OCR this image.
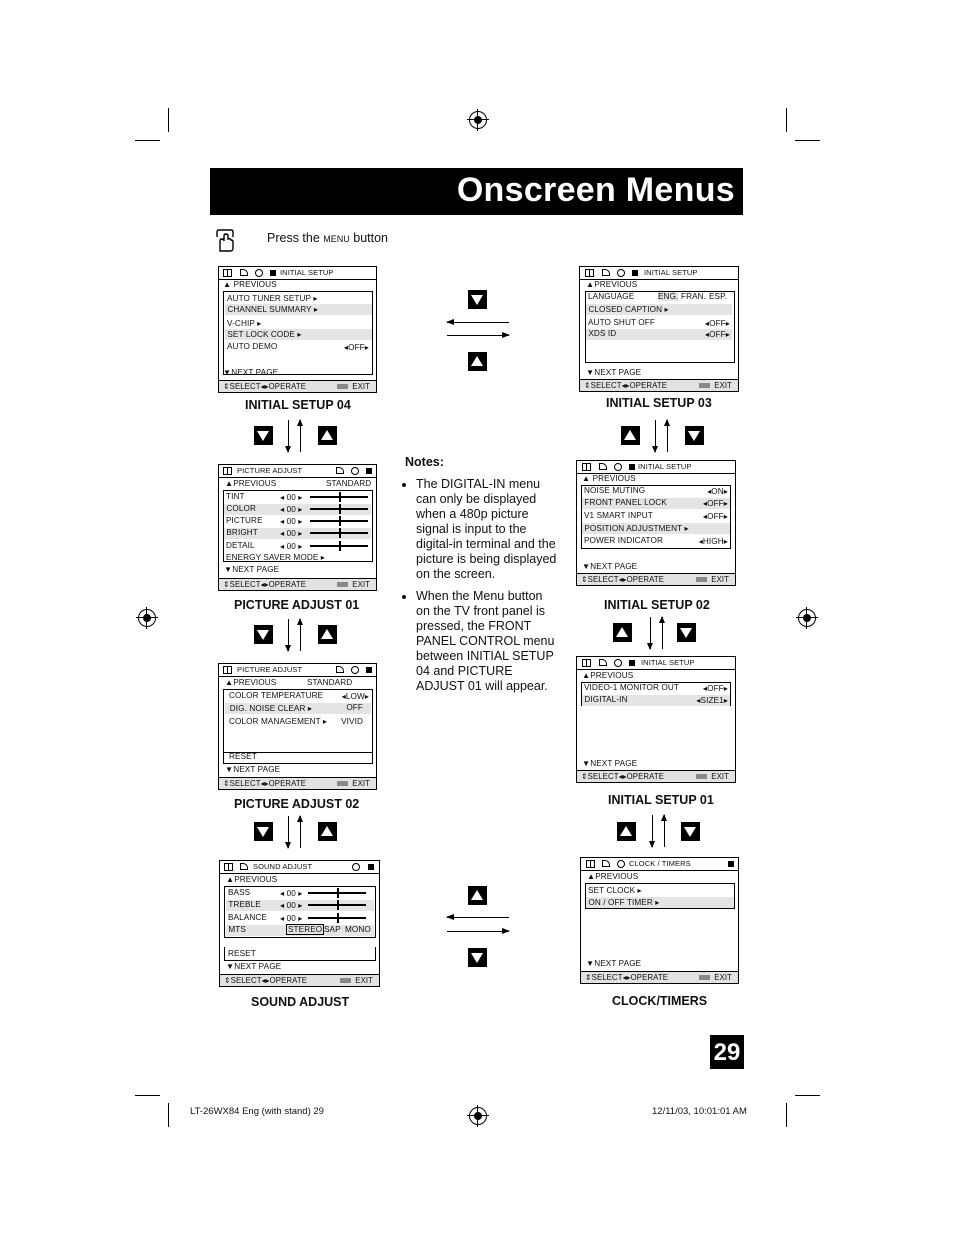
Onscreen Menus
Press the menu button
INITIAL SETUP
▲ PREVIOUS
AUTO TUNER SETUP ▸
CHANNEL SUMMARY ▸
V-CHIP ▸
SET LOCK CODE ▸
AUTO DEMO	◂OFF▸
▼NEXT PAGE
⇕SELECT◂▸OPERATE	EXIT
INITIAL SETUP 04
INITIAL SETUP
▲PREVIOUS
LANGUAGE	ENG. FRAN. ESP.
CLOSED CAPTION ▸
AUTO SHUT OFF	◂OFF▸
XDS ID	◂OFF▸
▼NEXT PAGE
⇕SELECT◂▸OPERATE	EXIT
INITIAL SETUP 03
PICTURE ADJUST
▲PREVIOUS	STANDARD
TINT	◂ 00 ▸
COLOR	◂ 00 ▸
PICTURE ◂ 00 ▸
BRIGHT	◂ 00 ▸
DETAIL	◂ 00 ▸
ENERGY SAVER MODE ▸
▼NEXT PAGE
⇕SELECT◂▸OPERATE	EXIT
PICTURE ADJUST 01
Notes:
• The DIGITAL-IN menu can only be displayed when a 480p picture signal is input to the digital-in terminal and the picture is being displayed on the screen.
• When the Menu button on the TV front panel is pressed, the FRONT PANEL CONTROL menu between INITIAL SETUP 04 and PICTURE ADJUST 01 will appear.
INITIAL SETUP
▲ PREVIOUS
NOISE MUTING	◂ON▸
FRONT PANEL LOCK	◂OFF▸
V1 SMART INPUT	◂OFF▸
POSITION ADJUSTMENT ▸
POWER INDICATOR	◂HIGH▸
▼NEXT PAGE
⇕SELECT◂▸OPERATE	EXIT
INITIAL SETUP 02
PICTURE ADJUST
▲PREVIOUS	STANDARD
COLOR TEMPERATURE ◂LOW▸
DIG. NOISE CLEAR ▸	OFF
COLOR MANAGEMENT ▸ VIVID
RESET
▼NEXT PAGE
⇕SELECT◂▸OPERATE	EXIT
PICTURE ADJUST 02
INITIAL SETUP
▲PREVIOUS
VIDEO-1 MONITOR OUT	◂OFF▸
DIGITAL-IN	◂SIZE1▸
▼NEXT PAGE
⇕SELECT◂▸OPERATE	EXIT
INITIAL SETUP 01
SOUND ADJUST
▲PREVIOUS
BASS	◂ 00 ▸
TREBLE ◂ 00 ▸
BALANCE ◂ 00 ▸
MTS	STEREO SAP MONO
RESET
▼NEXT PAGE
⇕SELECT◂▸OPERATE	EXIT
SOUND ADJUST
CLOCK / TIMERS
▲PREVIOUS
SET CLOCK ▸
ON / OFF TIMER ▸
▼NEXT PAGE
⇕SELECT◂▸OPERATE	EXIT
CLOCK/TIMERS
29
LT-26WX84 Eng (with stand) 29	12/11/03, 10:01:01 AM
